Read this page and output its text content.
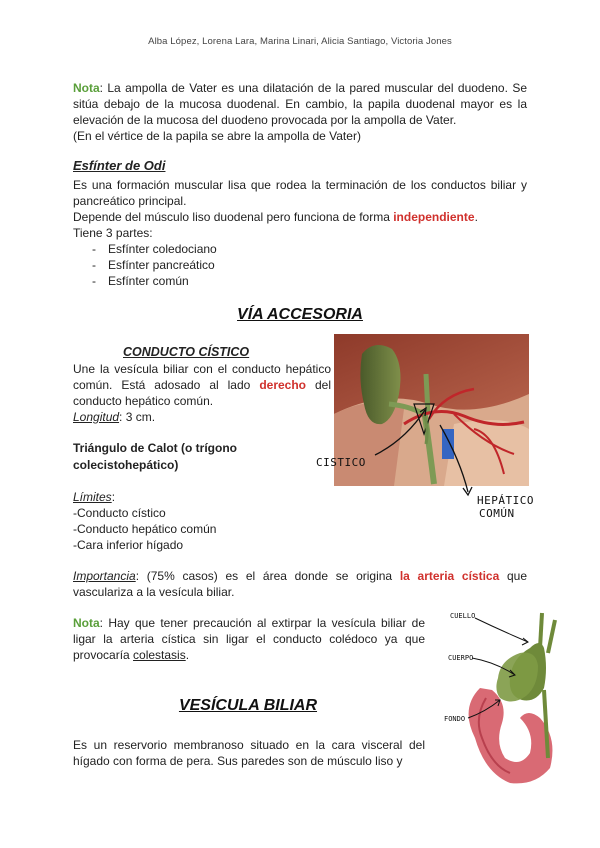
Alba López, Lorena Lara, Marina Linari, Alicia Santiago, Victoria Jones
Nota: La ampolla de Vater es una dilatación de la pared muscular del duodeno. Se sitúa debajo de la mucosa duodenal. En cambio, la papila duodenal mayor es la elevación de la mucosa del duodeno provocada por la ampolla de Vater.
(En el vértice de la papila se abre la ampolla de Vater)
Esfínter de Odi
Es una formación muscular lisa que rodea la terminación de los conductos biliar y pancreático principal.
Depende del músculo liso duodenal pero funciona de forma independiente.
Tiene 3 partes:
- Esfínter coledociano
- Esfínter pancreático
- Esfínter común
VÍA ACCESORIA
CONDUCTO CÍSTICO
Une la vesícula biliar con el conducto hepático común. Está adosado al lado derecho del conducto hepático común.
Longitud: 3 cm.
Triángulo de Calot (o trígono colecistohepático)
Límites:
-Conducto cístico
-Conducto hepático común
-Cara inferior hígado
Importancia: (75% casos) es el área donde se origina la arteria cística que vasculariza a la vesícula biliar.
Nota: Hay que tener precaución al extirpar la vesícula biliar de ligar la arteria cística sin ligar el conducto colédoco ya que provocaría colestasis.
VESÍCULA BILIAR
Es un reservorio membranoso situado en la cara visceral del hígado con forma de pera. Sus paredes son de músculo liso y
CISTICO
HEPÁTICO
COMÚN
CUELLO
CUERPO
FONDO
